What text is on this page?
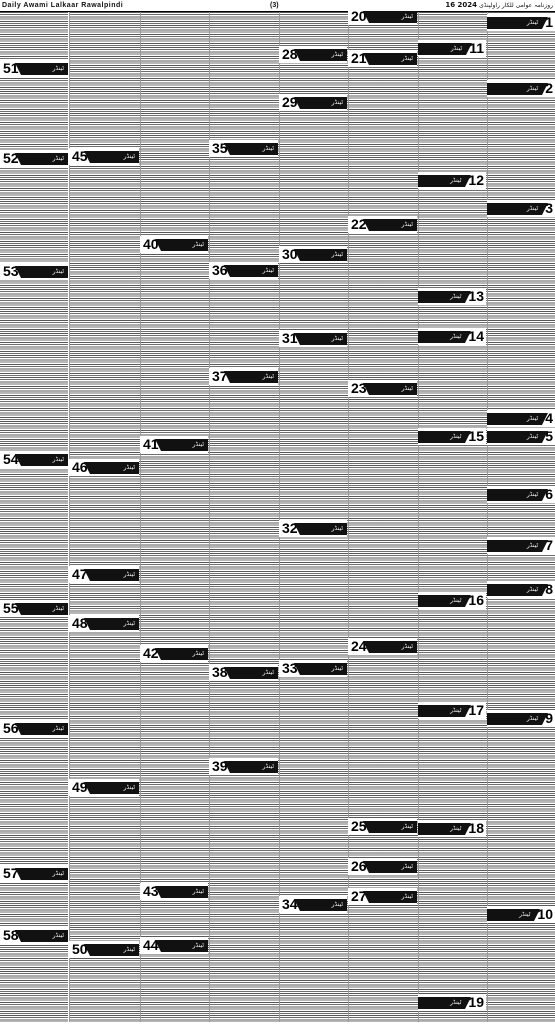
Daily Awami Lalkaar Rawalpindi	(3)	16 2024 روزنامہ عوامی للکار راولپنڈی
1
ٹینڈر
2
ٹینڈر
3
ٹینڈر
4
ٹینڈر
5
ٹینڈر
6
ٹینڈر
7
ٹینڈر
8
ٹینڈر
9
ٹینڈر
10
ٹینڈر
11
ٹینڈر
12
ٹینڈر
13
ٹینڈر
14
ٹینڈر
15
ٹینڈر
16
ٹینڈر
17
ٹینڈر
18
ٹینڈر
19
ٹینڈر
20	ٹینڈر
21	ٹینڈر
22	ٹینڈر
23	ٹینڈر
24	ٹینڈر
25	ٹینڈر
26	ٹینڈر
27	ٹینڈر
28	ٹینڈر
29	ٹینڈر
30	ٹینڈر
31	ٹینڈر
32	ٹینڈر
33	ٹینڈر
34	ٹینڈر
35	ٹینڈر
36	ٹینڈر
37	ٹینڈر
38	ٹینڈر
39	ٹینڈر
40	ٹینڈر
41	ٹینڈر
42	ٹینڈر
43	ٹینڈر
44	ٹینڈر
45	ٹینڈر
46	ٹینڈر
47	ٹینڈر
48	ٹینڈر
49	ٹینڈر
50	ٹینڈر
51	ٹینڈر
52	ٹینڈر
53	ٹینڈر
54	ٹینڈر
55	ٹینڈر
56	ٹینڈر
57	ٹینڈر
58	ٹینڈر
